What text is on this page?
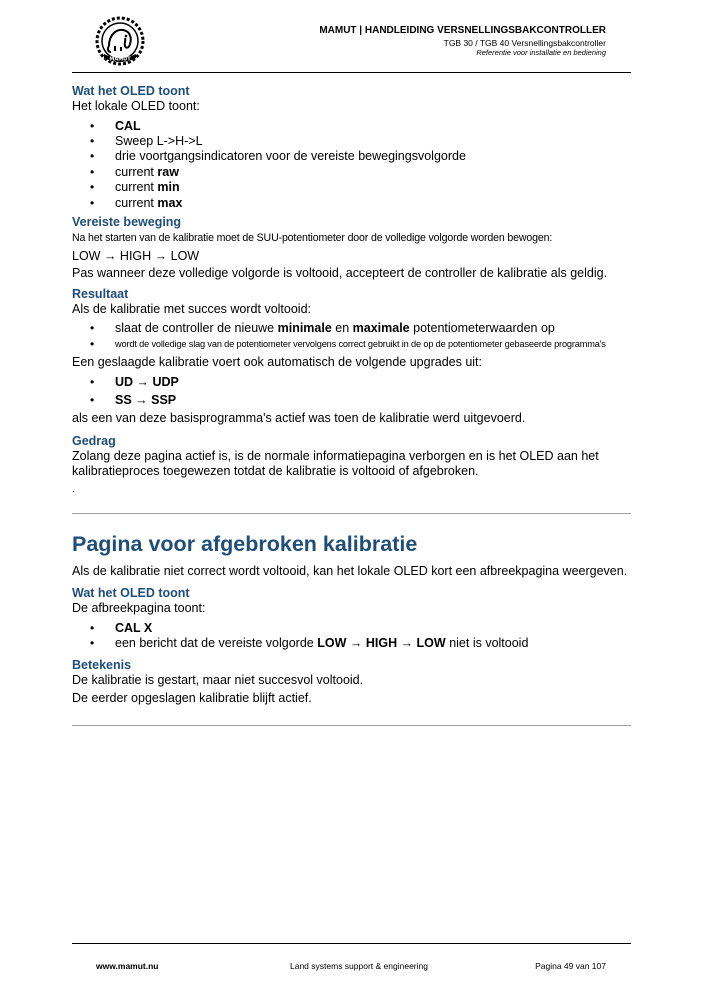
MAMUT
MAMUT | HANDLEIDING VERSNELLINGSBAKCONTROLLER
TGB 30 / TGB 40 Versnellingsbakcontroller
Referentie voor installatie en bediening
Wat het OLED toont
Het lokale OLED toont:
• CAL
• Sweep L->H->L
• drie voortgangsindicatoren voor de vereiste bewegingsvolgorde
• current raw
• current min
• current max
Vereiste beweging
Na het starten van de kalibratie moet de SUU-potentiometer door de volledige volgorde worden bewogen:
LOW → HIGH → LOW
Pas wanneer deze volledige volgorde is voltooid, accepteert de controller de kalibratie als geldig.
Resultaat
Als de kalibratie met succes wordt voltooid:
• slaat de controller de nieuwe minimale en maximale potentiometerwaarden op
• wordt de volledige slag van de potentiometer vervolgens correct gebruikt in de op de potentiometer gebaseerde programma's
Een geslaagde kalibratie voert ook automatisch de volgende upgrades uit:
• UD → UDP
• SS → SSP
als een van deze basisprogramma's actief was toen de kalibratie werd uitgevoerd.
Gedrag
Zolang deze pagina actief is, is de normale informatiepagina verborgen en is het OLED aan het
kalibratieproces toegewezen totdat de kalibratie is voltooid of afgebroken.
.
Pagina voor afgebroken kalibratie
Als de kalibratie niet correct wordt voltooid, kan het lokale OLED kort een afbreekpagina weergeven.
Wat het OLED toont
De afbreekpagina toont:
• CAL X
• een bericht dat de vereiste volgorde LOW → HIGH → LOW niet is voltooid
Betekenis
De kalibratie is gestart, maar niet succesvol voltooid.
De eerder opgeslagen kalibratie blijft actief.
www.mamut.nu	Land systems support & engineering	Pagina 49 van 107
